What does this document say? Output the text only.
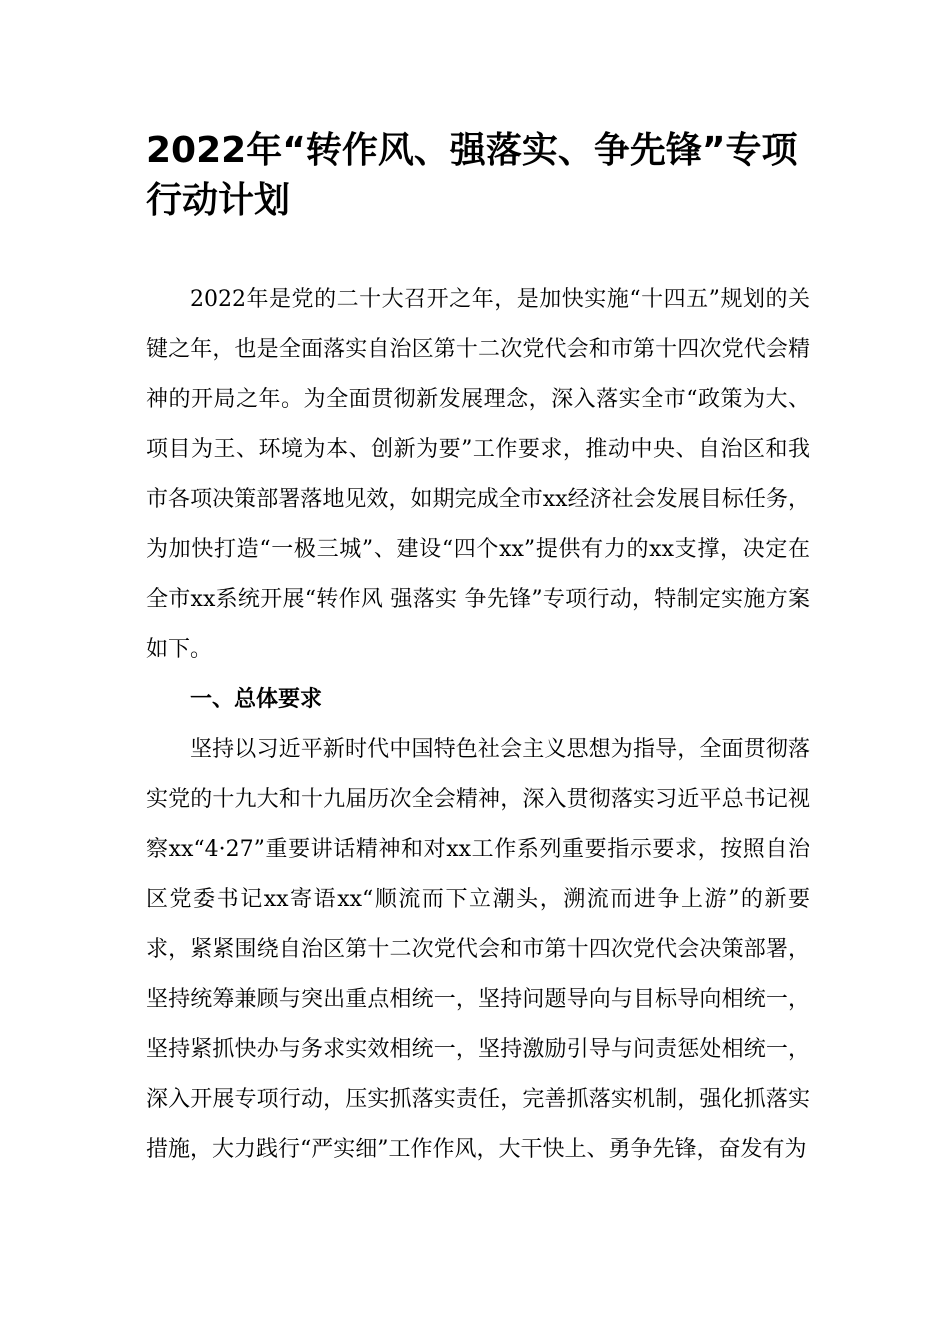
2022年“转作风、强落实、争先锋”专项行动计划

2022年是党的二十大召开之年，是加快实施“十四五”规划的关键之年，也是全面落实自治区第十二次党代会和市第十四次党代会精神的开局之年。为全面贯彻新发展理念，深入落实全市“政策为大、项目为王、环境为本、创新为要”工作要求，推动中央、自治区和我市各项决策部署落地见效，如期完成全市xx经济社会发展目标任务，为加快打造“一极三城”、建设“四个xx”提供有力的xx支撑，决定在全市xx系统开展“转作风 强落实 争先锋”专项行动，特制定实施方案如下。

一、总体要求

坚持以习近平新时代中国特色社会主义思想为指导，全面贯彻落实党的十九大和十九届历次全会精神，深入贯彻落实习近平总书记视察xx“4·27”重要讲话精神和对xx工作系列重要指示要求，按照自治区党委书记xx寄语xx“顺流而下立潮头，溯流而进争上游”的新要求，紧紧围绕自治区第十二次党代会和市第十四次党代会决策部署，坚持统筹兼顾与突出重点相统一，坚持问题导向与目标导向相统一，坚持紧抓快办与务求实效相统一，坚持激励引导与问责惩处相统一，深入开展专项行动，压实抓落实责任，完善抓落实机制，强化抓落实措施，大力践行“严实细”工作作风，大干快上、勇争先锋，奋发有为
